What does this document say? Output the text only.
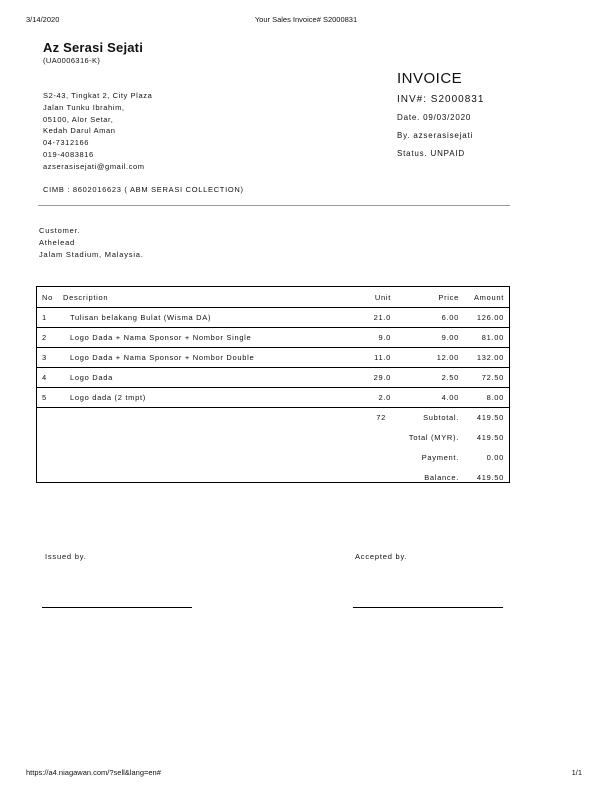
3/14/2020	Your Sales Invoice# S2000831
Az Serasi Sejati
(UA0006316-K)
S2-43, Tingkat 2, City Plaza
Jalan Tunku Ibrahim,
05100, Alor Setar,
Kedah Darul Aman
04-7312166
019-4083816
azserasisejati@gmail.com
CIMB : 8602016623 ( ABM SERASI COLLECTION)
INVOICE
INV#: S2000831
Date. 09/03/2020
By. azserasisejati
Status. UNPAID
Customer.
Athelead
Jalam Stadium, Malaysia.
No Description	Unit	Price Amount
1	Tulisan belakang Bulat (Wisma DA)	21.0	6.00 126.00
2	Logo Dada + Nama Sponsor + Nombor Single	9.0	9.00	81.00
3	Logo Dada + Nama Sponsor + Nombor Double	11.0	12.00 132.00
4	Logo Dada	29.0	2.50	72.50
5	Logo dada (2 tmpt)	2.0	4.00	8.00
72	Subtotal. 419.50
Total (MYR). 419.50
Payment.	0.00
Balance. 419.50
Issued by.	Accepted by.
https://a4.niagawan.com/?sell&lang=en#	1/1
